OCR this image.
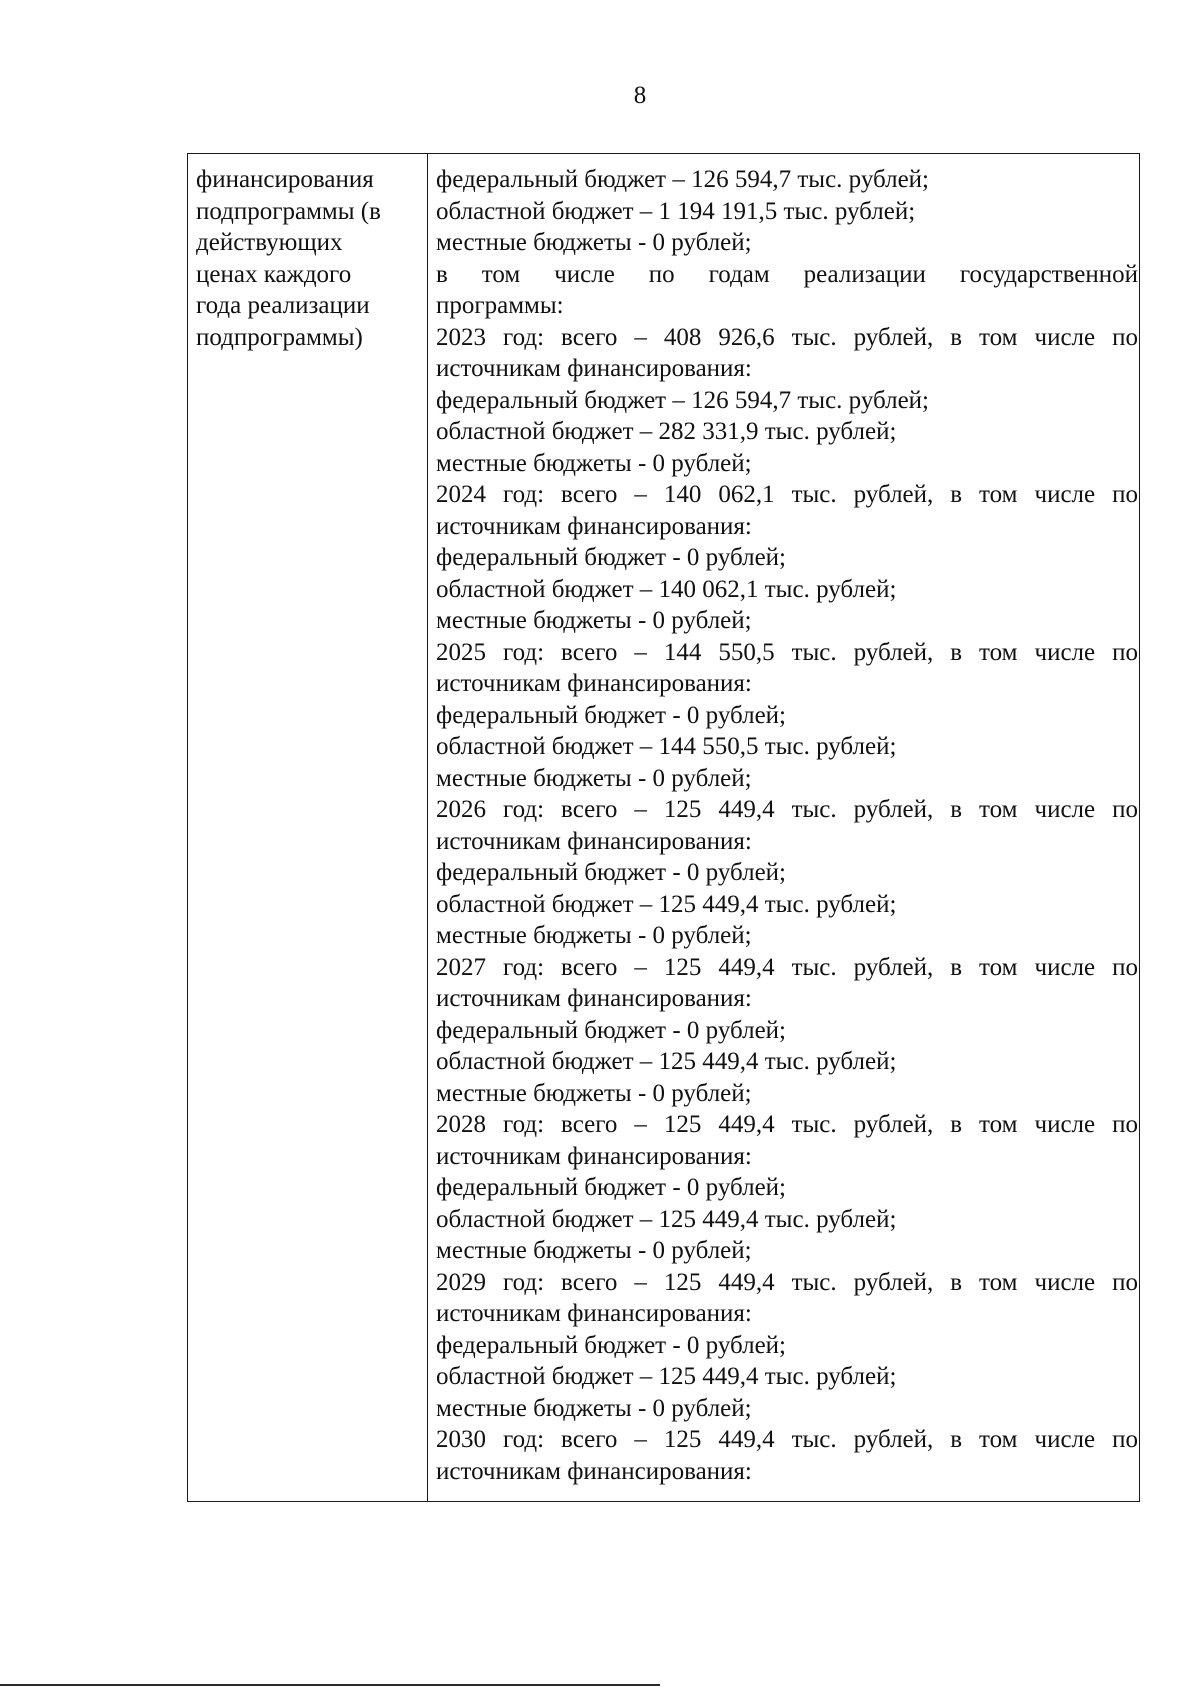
8
финансирования
подпрограммы (в
действующих
ценах каждого
года реализации
подпрограммы)
федеральный бюджет – 126 594,7 тыс. рублей;
областной бюджет – 1 194 191,5 тыс. рублей;
местные бюджеты - 0 рублей;
в том числе по годам реализации государственной
программы:
2023 год: всего – 408 926,6 тыс. рублей, в том числе по
источникам финансирования:
федеральный бюджет – 126 594,7 тыс. рублей;
областной бюджет – 282 331,9 тыс. рублей;
местные бюджеты - 0 рублей;
2024 год: всего – 140 062,1 тыс. рублей, в том числе по
источникам финансирования:
федеральный бюджет - 0 рублей;
областной бюджет – 140 062,1 тыс. рублей;
местные бюджеты - 0 рублей;
2025 год: всего – 144 550,5 тыс. рублей, в том числе по
источникам финансирования:
федеральный бюджет - 0 рублей;
областной бюджет – 144 550,5 тыс. рублей;
местные бюджеты - 0 рублей;
2026 год: всего – 125 449,4 тыс. рублей, в том числе по
источникам финансирования:
федеральный бюджет - 0 рублей;
областной бюджет – 125 449,4 тыс. рублей;
местные бюджеты - 0 рублей;
2027 год: всего – 125 449,4 тыс. рублей, в том числе по
источникам финансирования:
федеральный бюджет - 0 рублей;
областной бюджет – 125 449,4 тыс. рублей;
местные бюджеты - 0 рублей;
2028 год: всего – 125 449,4 тыс. рублей, в том числе по
источникам финансирования:
федеральный бюджет - 0 рублей;
областной бюджет – 125 449,4 тыс. рублей;
местные бюджеты - 0 рублей;
2029 год: всего – 125 449,4 тыс. рублей, в том числе по
источникам финансирования:
федеральный бюджет - 0 рублей;
областной бюджет – 125 449,4 тыс. рублей;
местные бюджеты - 0 рублей;
2030 год: всего – 125 449,4 тыс. рублей, в том числе по
источникам финансирования:
